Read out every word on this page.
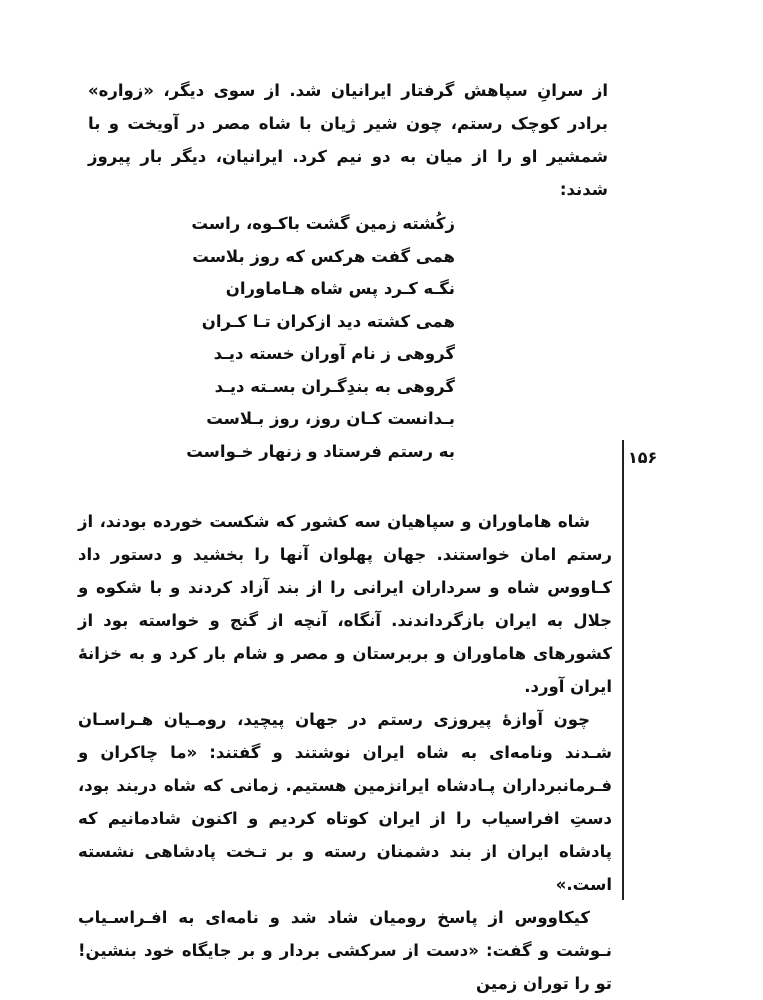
از سرانِ سپاهش گرفتار ایرانیان شد. از سوی دیگر، «زواره» برادر کوچک رستم، چون شیر ژیان با شاه مصر در آویخت و با شمشیر او را از میان به دو نیم کرد. ایرانیان، دیگر بار پیروز شدند:

زکُشته زمین گشت باکـوه، راست
همی گفت هرکس که روز بلاست
نگـه کـرد پس شاه هـاماوران
همی کشته دید ازکران تـا کـران
گروهی ز نام آوران خسته دیـد
گروهی به بندِگـران بسـته دیـد
بـدانست کـان روز، روز بـلاست
به رستم فرستاد و زنهار خـواست	۱۵۶

شاه هاماوران و سپاهیان سه کشور که شکست خورده بودند، از رستم امان خواستند. جهان پهلوان آنها را بخشید و دستور داد کـاووس شاه و سرداران ایرانی را از بند آزاد کردند و با شکوه و جلال به ایران بازگرداندند. آنگاه، آنچه از گنج و خواسته بود از کشورهای هاماوران و بربرستان و مصر و شام بار کرد و به خزانهٔ ایران آورد.

چون آوازهٔ پیروزی رستم در جهان پیچید، رومـیان هـراسـان شـدند ونامه‌ای به شاه ایران نوشتند و گفتند: «ما چاکران و فـرمانبرداران پـادشاه ایرانزمین هستیم. زمانی که شاه دربند بود، دستِ افراسیاب را از ایران کوتاه کردیم و اکنون شادمانیم که پادشاه ایران از بند دشمنان رسته و بر تـخت پادشاهی نشسته است.»

کیکاووس از پاسخ رومیان شاد شد و نامه‌ای به افـراسـیاب نـوشت و گفت: «دست از سرکشی بردار و بر جایگاه خود بنشین! تو را توران زمین
